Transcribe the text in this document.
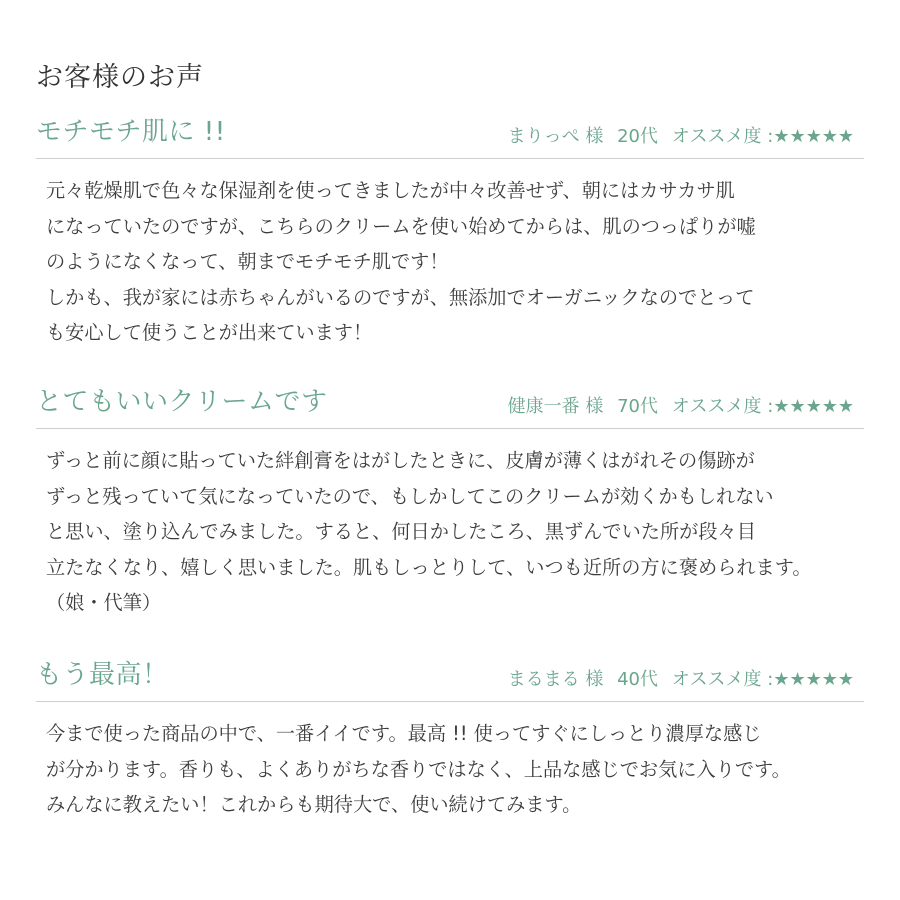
お客様のお声
モチモチ肌に !!	まりっぺ 様 20代 オススメ度 :★★★★★
元々乾燥肌で色々な保湿剤を使ってきましたが中々改善せず、朝にはカサカサ肌
になっていたのですが、こちらのクリームを使い始めてからは、肌のつっぱりが嘘
のようになくなって、朝までモチモチ肌です！
しかも、我が家には赤ちゃんがいるのですが、無添加でオーガニックなのでとって
も安心して使うことが出来ています！
とてもいいクリームです	健康一番 様 70代 オススメ度 :★★★★★
ずっと前に顔に貼っていた絆創膏をはがしたときに、皮膚が薄くはがれその傷跡が
ずっと残っていて気になっていたので、もしかしてこのクリームが効くかもしれない
と思い、塗り込んでみました。すると、何日かしたころ、黒ずんでいた所が段々目
立たなくなり、嬉しく思いました。肌もしっとりして、いつも近所の方に褒められます。
（娘・代筆）
もう最高！	まるまる 様 40代 オススメ度 :★★★★★
今まで使った商品の中で、一番イイです。最高 !! 使ってすぐにしっとり濃厚な感じ
が分かります。香りも、よくありがちな香りではなく、上品な感じでお気に入りです。
みんなに教えたい！これからも期待大で、使い続けてみます。
